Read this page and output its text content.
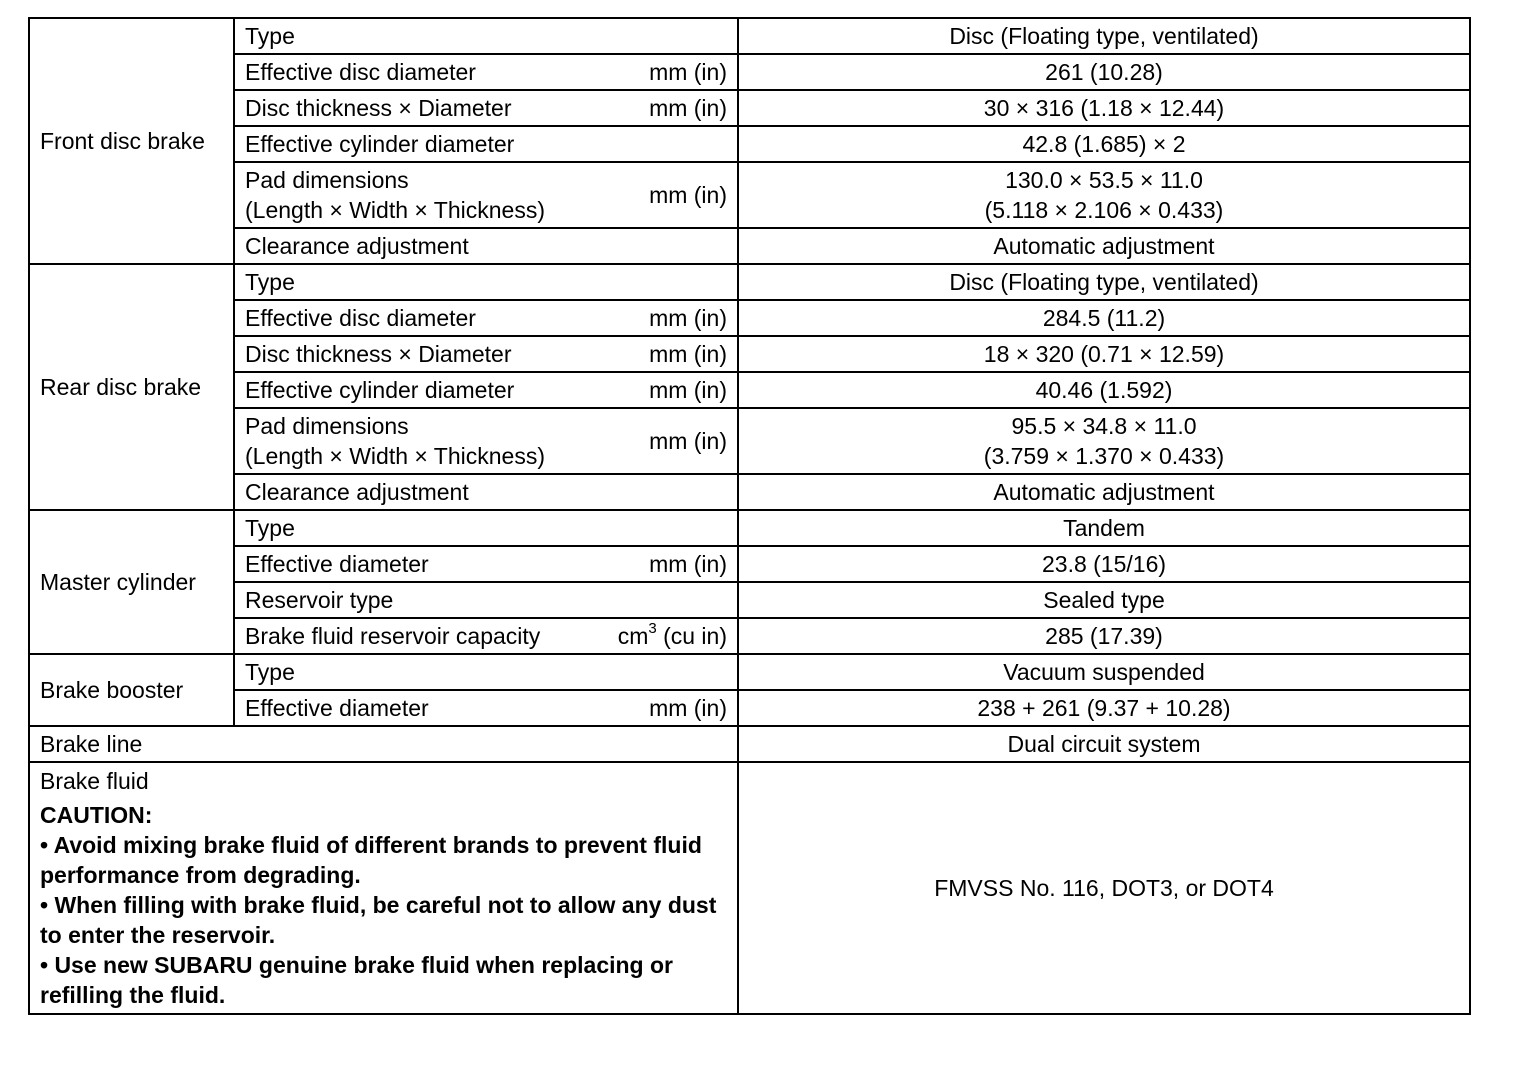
Front disc brake	Type	Disc (Floating type, ventilated)

	Effective disc diameter mm (in)	261 (10.28)

	Disc thickness × Diameter mm (in)	30 × 316 (1.18 × 12.44)

	Effective cylinder diameter	42.8 (1.685) × 2

	Pad dimensions
(Length × Width × Thickness)
mm (in)	130.0 × 53.5 × 11.0
(5.118 × 2.106 × 0.433)

	Clearance adjustment	Automatic adjustment
Rear disc brake	Type	Disc (Floating type, ventilated)

	Effective disc diameter mm (in)	284.5 (11.2)

	Disc thickness × Diameter mm (in)	18 × 320 (0.71 × 12.59)

	Effective cylinder diameter mm (in)	40.46 (1.592)

	Pad dimensions
(Length × Width × Thickness)
mm (in)	95.5 × 34.8 × 11.0
(3.759 × 1.370 × 0.433)

	Clearance adjustment	Automatic adjustment
Master cylinder	Type	Tandem

	Effective diameter mm (in)	23.8 (15/16)

	Reservoir type	Sealed type

	Brake fluid reservoir capacity $cm^3$ (cu in)	285 (17.39)
Brake booster	Type	Vacuum suspended

	Effective diameter mm (in)	238 + 261 (9.37 + 10.28)
Brake line		Dual circuit system

Brake fluid
CAUTION:
• Avoid mixing brake fluid of different brands to prevent fluid performance from degrading.
• When filling with brake fluid, be careful not to allow any dust to enter the reservoir.
• Use new SUBARU genuine brake fluid when replacing or refilling the fluid.		FMVSS No. 116, DOT3, or DOT4
